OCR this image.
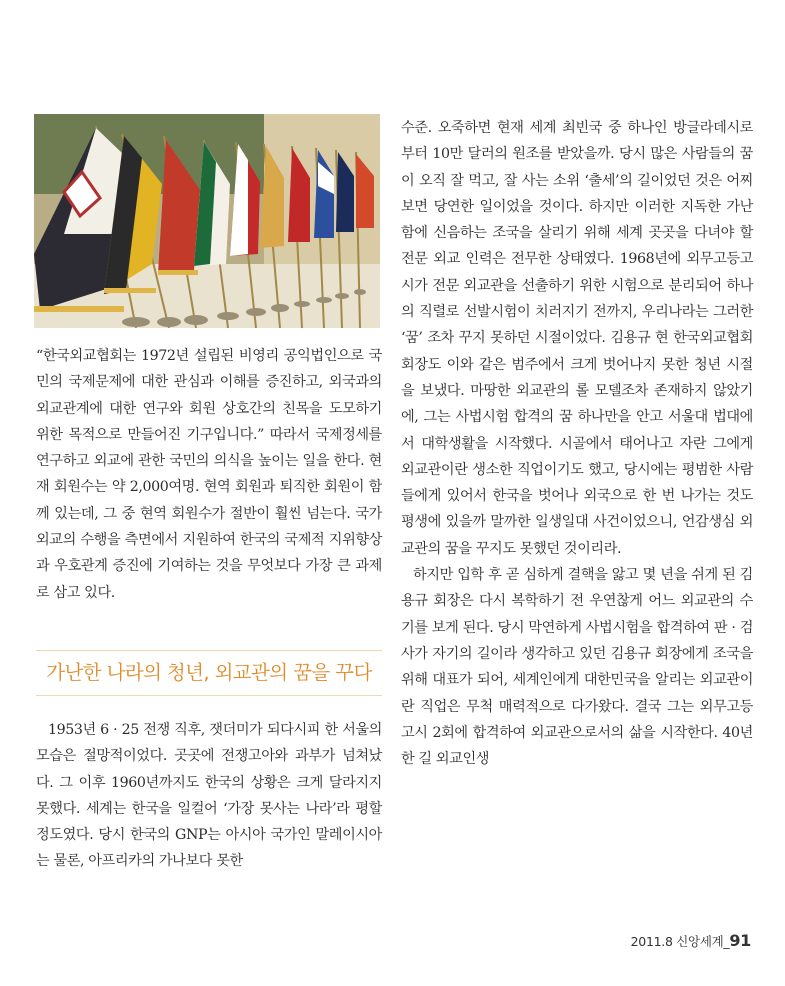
“한국외교협회는 1972년 설립된 비영리 공익법인으로 국민의 국제문제에 대한 관심과 이해를 증진하고, 외국과의 외교관계에 대한 연구와 회원 상호간의 친목을 도모하기 위한 목적으로 만들어진 기구입니다.” 따라서 국제정세를 연구하고 외교에 관한 국민의 의식을 높이는 일을 한다. 현재 회원수는 약 2,000여명. 현역 회원과 퇴직한 회원이 함께 있는데, 그 중 현역 회원수가 절반이 훨씬 넘는다. 국가외교의 수행을 측면에서 지원하여 한국의 국제적 지위향상과 우호관계 증진에 기여하는 것을 무엇보다 가장 큰 과제로 삼고 있다.

가난한 나라의 청년, 외교관의 꿈을 꾸다

1953년 6 · 25 전쟁 직후, 잿더미가 되다시피 한 서울의 모습은 절망적이었다. 곳곳에 전쟁고아와 과부가 넘쳐났다. 그 이후 1960년까지도 한국의 상황은 크게 달라지지 못했다. 세계는 한국을 일컬어 ‘가장 못사는 나라’라 평할 정도였다. 당시 한국의 GNP는 아시아 국가인 말레이시아는 물론, 아프리카의 가나보다 못한

수준. 오죽하면 현재 세계 최빈국 중 하나인 방글라데시로부터 10만 달러의 원조를 받았을까. 당시 많은 사람들의 꿈이 오직 잘 먹고, 잘 사는 소위 ‘출세’의 길이었던 것은 어찌 보면 당연한 일이었을 것이다. 하지만 이러한 지독한 가난함에 신음하는 조국을 살리기 위해 세계 곳곳을 다녀야 할 전문 외교 인력은 전무한 상태였다. 1968년에 외무고등고시가 전문 외교관을 선출하기 위한 시험으로 분리되어 하나의 직렬로 선발시험이 치러지기 전까지, 우리나라는 그러한 ‘꿈’ 조차 꾸지 못하던 시절이었다. 김용규 현 한국외교협회 회장도 이와 같은 범주에서 크게 벗어나지 못한 청년 시절을 보냈다. 마땅한 외교관의 롤 모델조차 존재하지 않았기에, 그는 사법시험 합격의 꿈 하나만을 안고 서울대 법대에서 대학생활을 시작했다. 시골에서 태어나고 자란 그에게 외교관이란 생소한 직업이기도 했고, 당시에는 평범한 사람들에게 있어서 한국을 벗어나 외국으로 한 번 나가는 것도 평생에 있을까 말까한 일생일대 사건이었으니, 언감생심 외교관의 꿈을 꾸지도 못했던 것이리라.

하지만 입학 후 곧 심하게 결핵을 앓고 몇 년을 쉬게 된 김용규 회장은 다시 복학하기 전 우연찮게 어느 외교관의 수기를 보게 된다. 당시 막연하게 사법시험을 합격하여 판 · 검사가 자기의 길이라 생각하고 있던 김용규 회장에게 조국을 위해 대표가 되어, 세계인에게 대한민국을 알리는 외교관이란 직업은 무척 매력적으로 다가왔다. 결국 그는 외무고등고시 2회에 합격하여 외교관으로서의 삶을 시작한다. 40년 한 길 외교인생

2011.8 신앙세계_91
